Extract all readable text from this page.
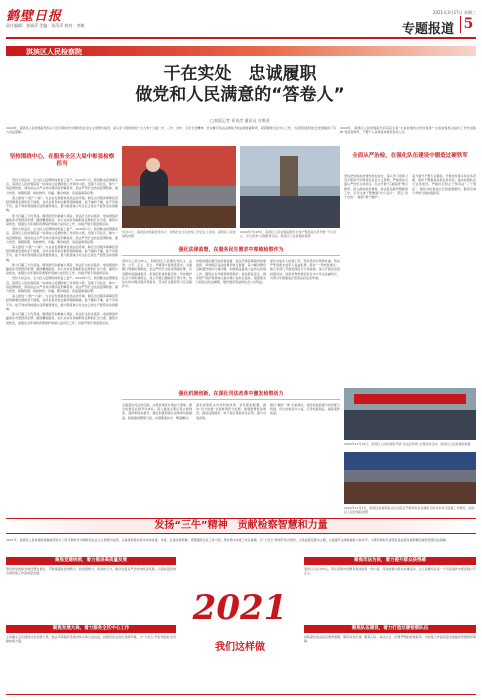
鹤壁日报
责任编辑：张丽萍 美编：张萍萍 校对：李敏
2021年3月17日 星期三
专题报道 5
淇滨区人民检察院
干在实处　忠诚履职
做党和人民满意的“答卷人”
□本报记者 祁英彦 通讯员 方维金
2020年，淇滨区人民检察院坚持以习近平新时代中国特色社会主义思想为指导，深入学习贯彻党的十九大和十九届二中、三中、四中、五中全会精神，忠实履行宪法法律赋予的法律监督职责，紧紧围绕全区中心工作，为淇滨区经济社会发展提供了有力司法保障。
2020年，淇滨区人民检察院先后荣获全省“全省检察机关先进集体”“全省检察机关信访工作先进集体”等荣誉称号，干警个人获得省市级荣誉多人次。
坚持围绕中心，在服务全区大局中彰显检察担当

坚持大局意识，全力投入疫情防控和复工复产。2020年1月，新冠肺炎疫情暴发后，淇滨区人民检察院第一时间成立疫情防控工作领导小组，迅速下沉社区，参与一线疫情防控，同时依法从严从快办理涉疫刑事案件，依法严厉打击抗拒疫情防控、暴力伤医、制假售假、哄抬物价、诈骗、聚众哄抢、造谣滋事等犯罪。

深入推进“六稳”“六保”。为企业发展提供优质法治环境，制定出台服务保障民营经济健康发展的若干措施，对涉企案件依法慎用强制措施，能不捕的不捕，能不诉的不诉，能不判实刑的提出适用缓刑建议，最大限度减少对企业正常生产经营活动的影响。

助力打赢三大攻坚战。围绕防范化解重大风险，依法打击非法集资、电信网络诈骗等涉众型经济犯罪；围绕精准脱贫，加大对扶贫领域职务犯罪的打击力度；围绕污染防治，加强生态环境和资源保护领域公益诉讼工作，持续开展专项监督活动。

坚持大局意识，全力投入疫情防控和复工复产。2020年1月，新冠肺炎疫情暴发后，淇滨区人民检察院第一时间成立疫情防控工作领导小组，迅速下沉社区，参与一线疫情防控，同时依法从严从快办理涉疫刑事案件，依法严厉打击抗拒疫情防控、暴力伤医、制假售假、哄抬物价、诈骗、聚众哄抢、造谣滋事等犯罪。

深入推进“六稳”“六保”。为企业发展提供优质法治环境，制定出台服务保障民营经济健康发展的若干措施，对涉企案件依法慎用强制措施，能不捕的不捕，能不诉的不诉，能不判实刑的提出适用缓刑建议，最大限度减少对企业正常生产经营活动的影响。

助力打赢三大攻坚战。围绕防范化解重大风险，依法打击非法集资、电信网络诈骗等涉众型经济犯罪；围绕精准脱贫，加大对扶贫领域职务犯罪的打击力度；围绕污染防治，加强生态环境和资源保护领域公益诉讼工作，持续开展专项监督活动。

坚持大局意识，全力投入疫情防控和复工复产。2020年1月，新冠肺炎疫情暴发后，淇滨区人民检察院第一时间成立疫情防控工作领导小组，迅速下沉社区，参与一线疫情防控，同时依法从严从快办理涉疫刑事案件，依法严厉打击抗拒疫情防控、暴力伤医、制假售假、哄抬物价、诈骗、聚众哄抢、造谣滋事等犯罪。

深入推进“六稳”“六保”。为企业发展提供优质法治环境，制定出台服务保障民营经济健康发展的若干措施，对涉企案件依法慎用强制措施，能不捕的不捕，能不诉的不诉，能不判实刑的提出适用缓刑建议，最大限度减少对企业正常生产经营活动的影响。

助力打赢三大攻坚战。围绕防范化解重大风险，依法打击非法集资、电信网络诈骗等涉众型经济犯罪；围绕精准脱贫，加大对扶贫领域职务犯罪的打击力度；围绕污染防治，加强生态环境和资源保护领域公益诉讼工作，持续开展专项监督活动。

3月11日，淇滨区检察院党组书记、检察长在全区检察工作会议上讲话。淇滨区人民检察院供图
2020年7月28日，淇滨区人民检察院组织全体干警赴南乐县开展“不忘初心、牢记使命”主题教育活动。淇滨区人民检察院供图
强化法律监督，在服务民生需求中厚植检察作为
坚持以人民为中心，积极回应人民群众对民主、法治、公平、正义、安全、环境等方面更高需求。全面履行刑事检察职能，依法严厉打击各类刑事犯罪，共受理审查逮捕案件、审查起诉案件数百件，切实维护社会大局和谐稳定。深入开展扫黑除恶专项斗争，依法从快办理涉黑涉恶案件，坚决打击黑恶势力及其保护伞。
持续加强民事行政检察监督，依法开展民事裁判结果监督、审判程序违法监督和执行监督，着力解决群众反映强烈的执行难问题。积极稳妥推进公益诉讼检察工作，围绕生态环境和资源保护、食品药品安全、国有财产保护等领域立案办理公益诉讼案件，督促相关行政机关依法履职，维护国家利益和社会公共利益。
深化未成年人检察工作，坚持惩治与预防并重，依法严惩侵害未成年人权益犯罪。落实“一号检察建议”，联合多部门开展校园安全专项检查。深入开展法治进校园活动，选派优秀检察官担任中小学法治副校长，为青少年健康成长营造良好法治环境。
强化机制创新，在深化司法改革中激发检察活力
全面落实司法责任制，完善检察官办案权力清单，健全检察官业绩考评体系。深入推进认罪认罚从宽制度，适用率稳步提升，确定刑量刑建议采纳率持续提高。积极推进繁简分流，实现简案快办、繁案精办。
深化检察机关内设机构改革，优化职能配置，推动“四大检察”全面协调充分发展。加强智慧检务建设，推进远程提讯、电子卷宗等信息化应用，提升办案质效。
推行“捕诉一体”办案模式，强化侦查监督与协作配合机制，设立检察官办公室，引导侦查取证，提高案件质量。
全面从严治检，在强化队伍建设中锻造过硬铁军
坚持把党的政治建设放在首位，深入学习贯彻习近平新时代中国特色社会主义思想，严格落实全面从严治党主体责任。扎实开展“以案促改”警示教育，深入推进政治督察、政法队伍教育整顿等工作，引导全体干警增强“四个意识”、坚定“四个自信”、做到“两个维护”。
着力提升干警专业素能，开展岗位练兵和业务竞赛，组织干警参加各类业务培训，推动检察队伍专业化建设。严格执行防止干预司法“三个规定”，强化对检察权运行的监督制约，锻造忠诚干净担当的检察铁军。
2020年12月10日，淇滨区人民检察院开展“宪法宣传周”主题宣传活动。淇滨区人民检察院供图
2020年12月4日，淇滨区检察院联合区法院召开新闻发布会通报行政非诉执行监督工作情况。淇滨区人民检察院供图
发扬“三牛”精神　贡献检察智慧和力量
2021年，淇滨区人民检察院将继续坚持以习近平新时代中国特色社会主义思想为指导，认真贯彻落实党中央和省委、市委、区委决策部署，紧紧围绕全区工作大局，坚持稳中求进工作总基调，以“十四五”规划开局为契机，以高质量发展为主题，全面提升法律监督能力和水平，为谱写新时代淇滨区高质量发展新篇章提供坚强司法保障。
聚焦党建统领，着力推进高质量发展
坚持把党的政治建设摆在首位，不断提高政治判断力、政治领悟力、政治执行力，推动全面从严治党向纵深发展，以高质量党建引领检察工作高质量发展。
聚焦发展大局，着力服务全区中心工作
主动融入全区经济社会发展大局，依法平等保护各类市场主体合法权益，持续优化法治化营商环境，为“十四五”开好局起好步贡献检察力量。
2021
我们这样做
聚焦司法为民，着力提升群众获得感
坚持以人民为中心，用心用情办好群众身边的每一件小案，深化检察为民办实事活动，让人民群众在每一个司法案件中感受到公平正义。
聚焦队伍建设，着力打造过硬检察队伍
持续深化政法队伍教育整顿，锻造对党忠诚、服务人民、执法公正、纪律严明的检察铁军，为检察工作高质量发展提供坚强组织保障。
